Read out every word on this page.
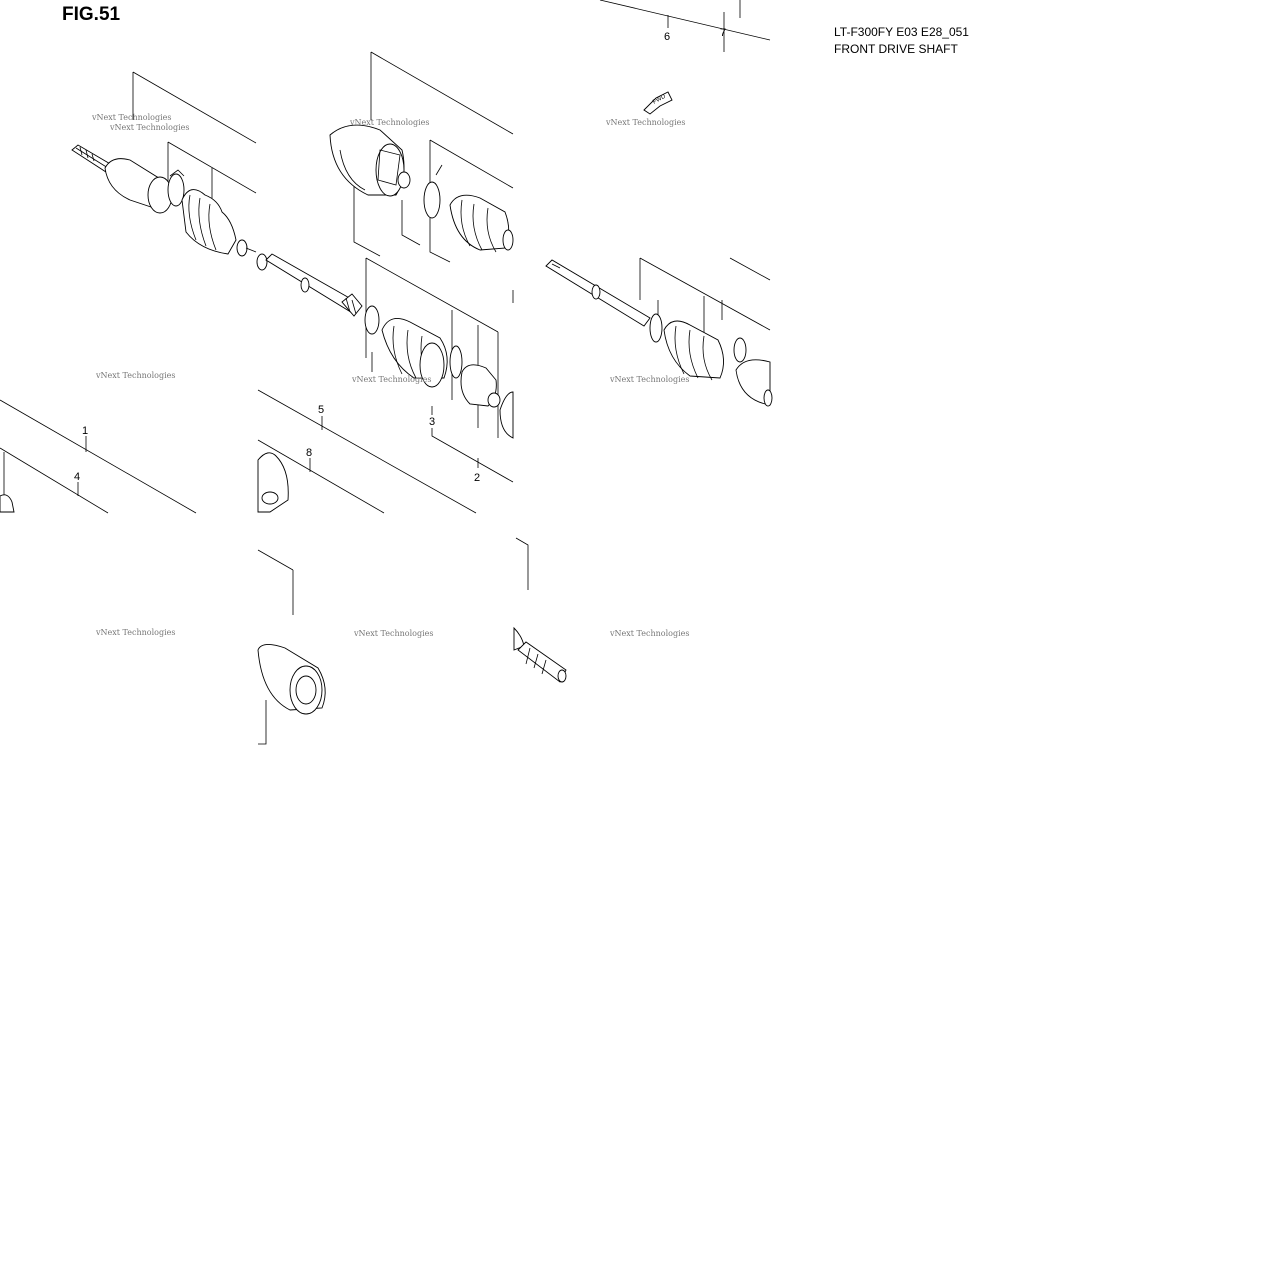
FIG.51
LT-F300FY E03 E28_051
FRONT DRIVE SHAFT
vNext Technologies
vNext Technologies
vNext Technologies
6	7
FWD
vNext Technologies
vNext Technologies
vNext Technologies
1
4
5
8
3
2
vNext Technologies
vNext Technologies	vNext Technologies	vNext Technologies
